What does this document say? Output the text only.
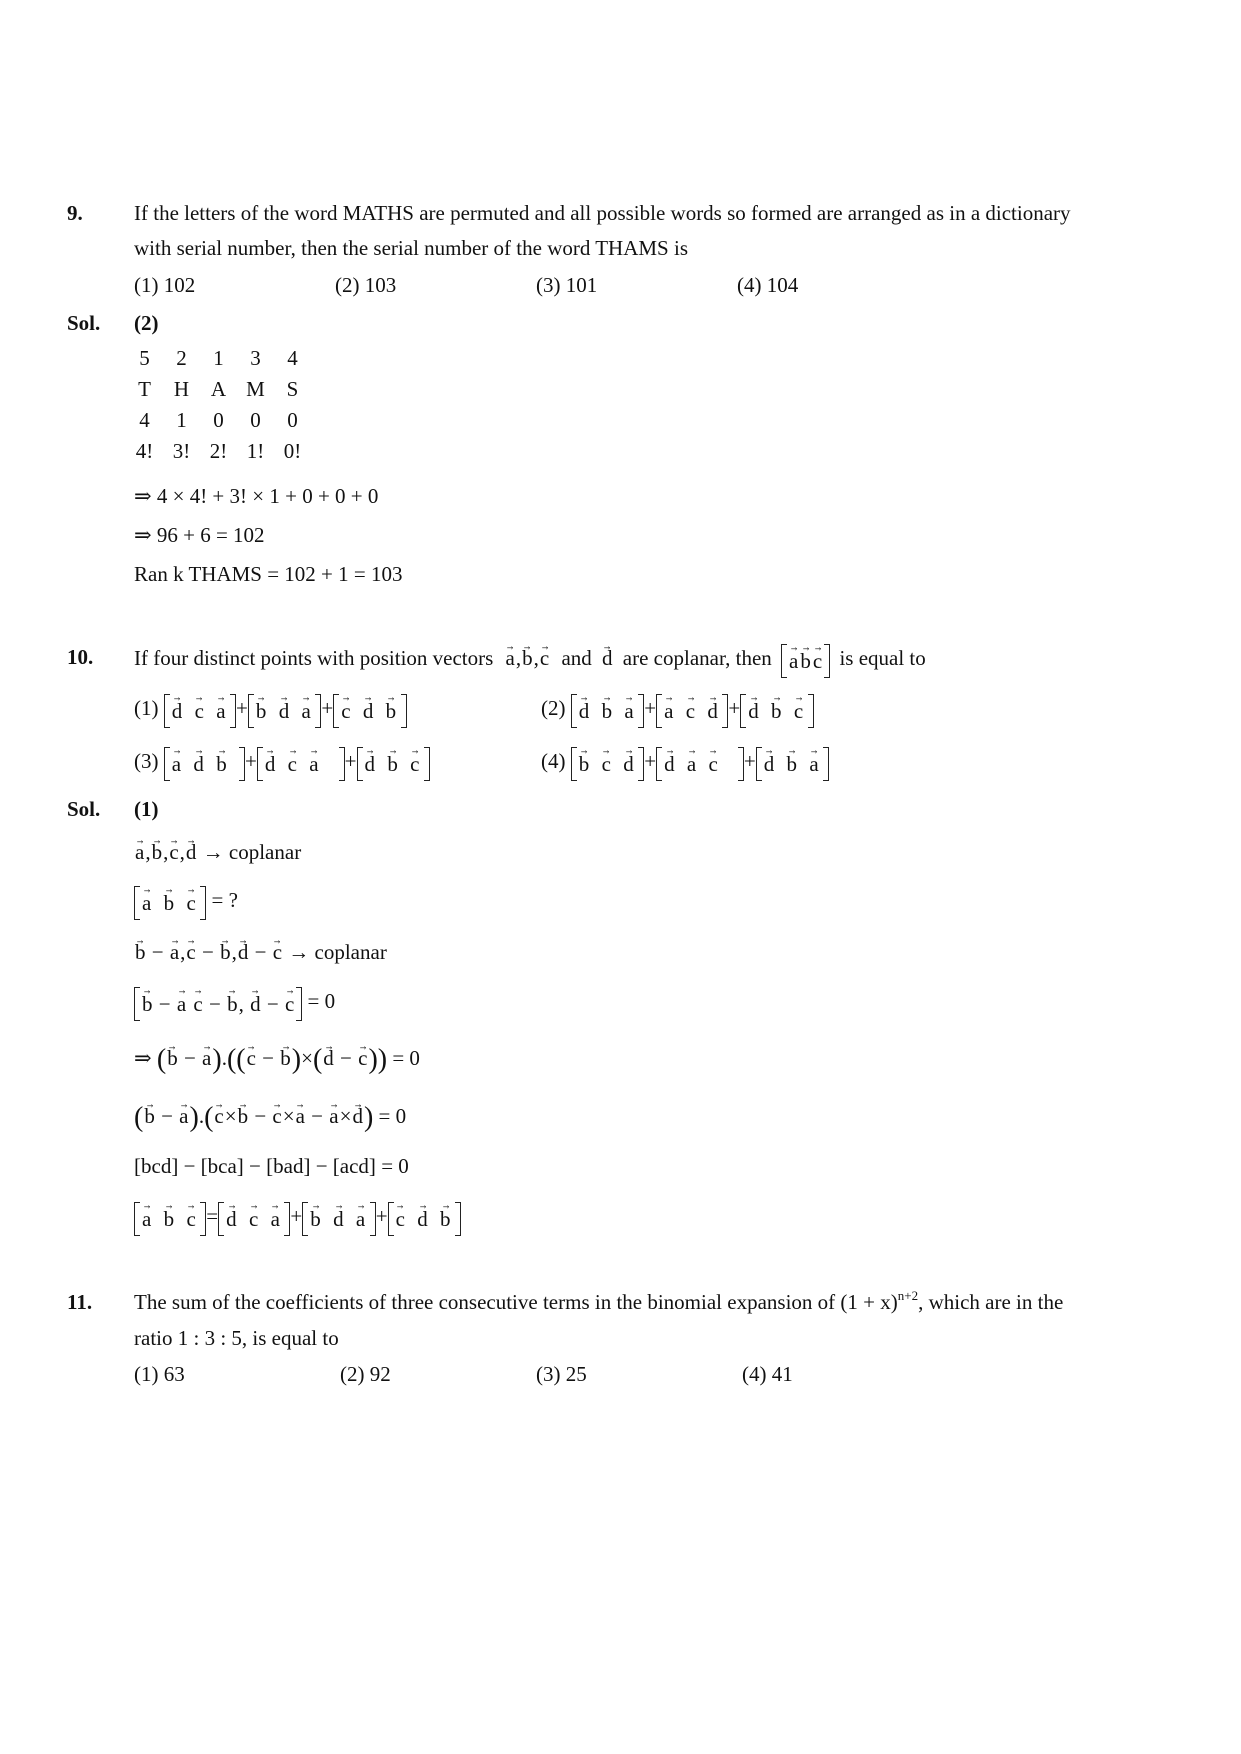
9. If the letters of the word MATHS are permuted and all possible words so formed are arranged as in a dictionary
with serial number, then the serial number of the word THAMS is
(1) 102	(2) 103	(3) 101	(4) 104
Sol. (2)
5	2	1	3	4
T	H	A	M	S
4	1	0	0	0
4!	3!	2!	1!	0!
⇒ 4 × 4! + 3! × 1 + 0 + 0 + 0
⇒ 96 + 6 = 102
Ran k THAMS = 102 + 1 = 103
10. If four distinct points with position vectors a →,b →,c → and d → are coplanar, then a →b →c → is equal to
(1) d → c → a → + b → d → a → + c → d → b →	(2) d → b → a → + a → c → d → + d → b → c →
(3) a → d → b → + d → c → a → + d → b → c →	(4) b → c → d → + d → a → c → + d → b → a →
Sol. (1)
a →,b →,c →,d → → coplanar
a → b → c → = ?
b → − a →,c → − b →,d → − c → → coplanar
b → − a → c → − b →, d → − c → = 0
⇒ (b → − a →).((c → − b →)×(d → − c →)) = 0
(b → − a →).(c →×b → − c →×a → − a →×d →) = 0
[bcd] − [bca] − [bad] − [acd] = 0
a → b → c → = d → c → a → + b → d → a → + c → d → b →
11. The sum of the coefficients of three consecutive terms in the binomial expansion of $(1 + x)^{n+2}$, which are in the
ratio 1 : 3 : 5, is equal to
(1) 63	(2) 92	(3) 25	(4) 41
